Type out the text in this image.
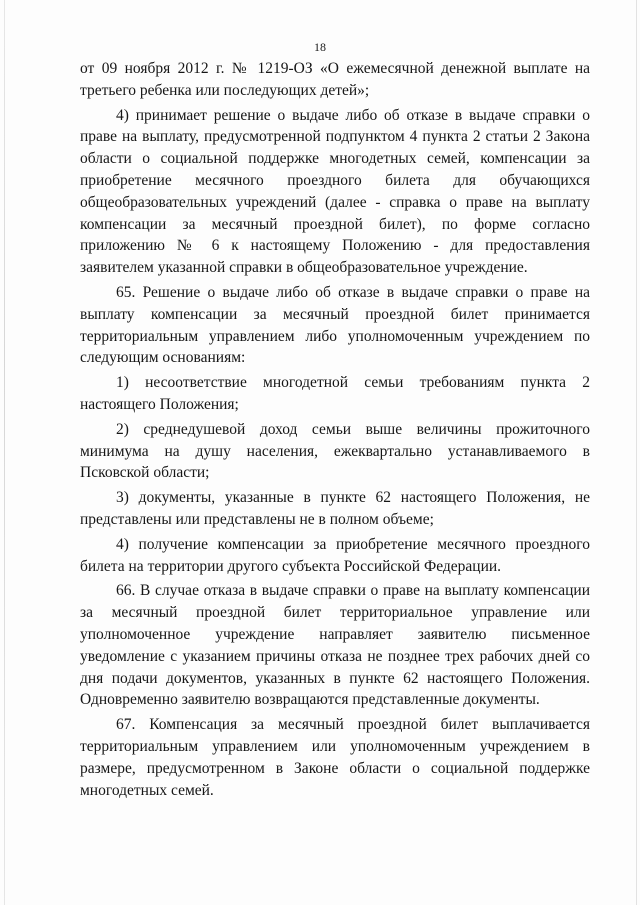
18

от 09 ноября 2012 г. № 1219-ОЗ «О ежемесячной денежной выплате на третьего ребенка или последующих детей»;

4) принимает решение о выдаче либо об отказе в выдаче справки о праве на выплату, предусмотренной подпунктом 4 пункта 2 статьи 2 Закона области о социальной поддержке многодетных семей, компенсации за приобретение месячного проездного билета для обучающихся общеобразовательных учреждений (далее - справка о праве на выплату компенсации за месячный проездной билет), по форме согласно приложению № 6 к настоящему Положению - для предоставления заявителем указанной справки в общеобразовательное учреждение.

65. Решение о выдаче либо об отказе в выдаче справки о праве на выплату компенсации за месячный проездной билет принимается территориальным управлением либо уполномоченным учреждением по следующим основаниям:

1) несоответствие многодетной семьи требованиям пункта 2 настоящего Положения;

2) среднедушевой доход семьи выше величины прожиточного минимума на душу населения, ежеквартально устанавливаемого в Псковской области;

3) документы, указанные в пункте 62 настоящего Положения, не представлены или представлены не в полном объеме;

4) получение компенсации за приобретение месячного проездного билета на территории другого субъекта Российской Федерации.

66. В случае отказа в выдаче справки о праве на выплату компенсации за месячный проездной билет территориальное управление или уполномоченное учреждение направляет заявителю письменное уведомление с указанием причины отказа не позднее трех рабочих дней со дня подачи документов, указанных в пункте 62 настоящего Положения. Одновременно заявителю возвращаются представленные документы.

67. Компенсация за месячный проездной билет выплачивается территориальным управлением или уполномоченным учреждением в размере, предусмотренном в Законе области о социальной поддержке многодетных семей.
